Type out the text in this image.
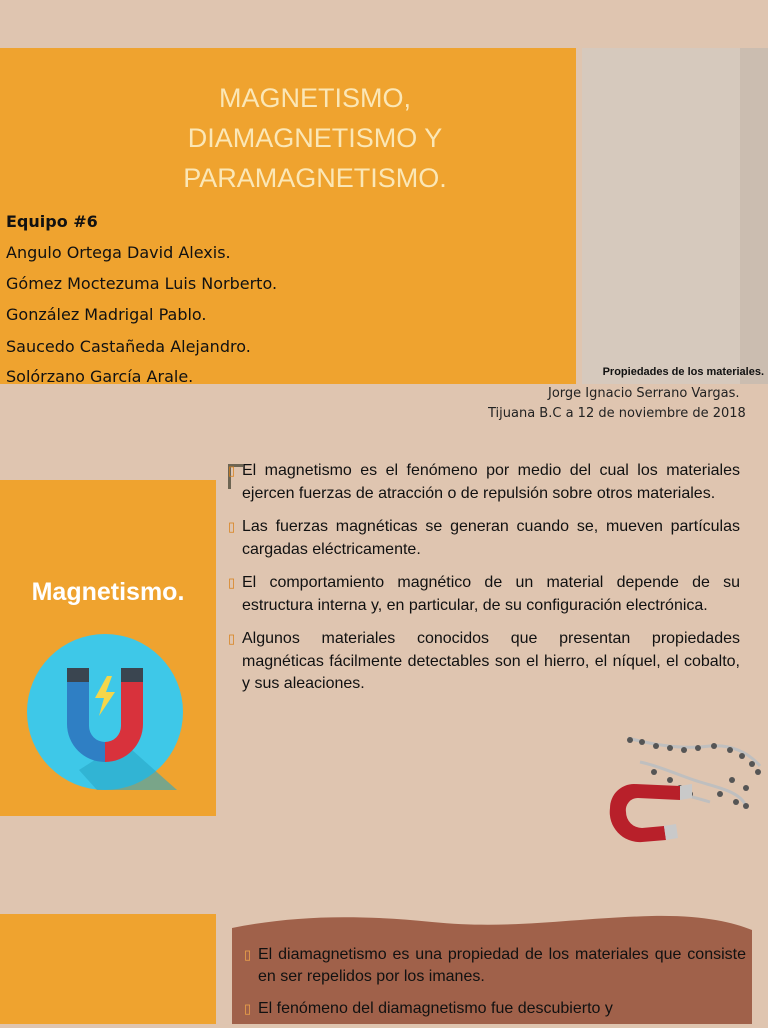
MAGNETISMO,
DIAMAGNETISMO Y
PARAMAGNETISMO.
Equipo #6
Angulo Ortega David Alexis.
Gómez Moctezuma Luis Norberto.
González Madrigal Pablo.
Saucedo Castañeda Alejandro.
Solórzano García Arale.	Propiedades de los materiales.
Jorge Ignacio Serrano Vargas.
Tijuana B.C a 12 de noviembre de 2018
Magnetismo.
▯ El magnetismo es el fenómeno por medio del cual los materiales ejercen fuerzas de atracción o de repulsión sobre otros materiales.
▯ Las fuerzas magnéticas se generan cuando se, mueven partículas cargadas eléctricamente.
▯ El comportamiento magnético de un material depende de su estructura interna y, en particular, de su configuración electrónica.
▯ Algunos materiales conocidos que presentan propiedades magnéticas fácilmente detectables son el hierro, el níquel, el cobalto, y sus aleaciones.
▯ El diamagnetismo es una propiedad de los materiales que consiste en ser repelidos por los imanes.
▯ El fenómeno del diamagnetismo fue descubierto y
